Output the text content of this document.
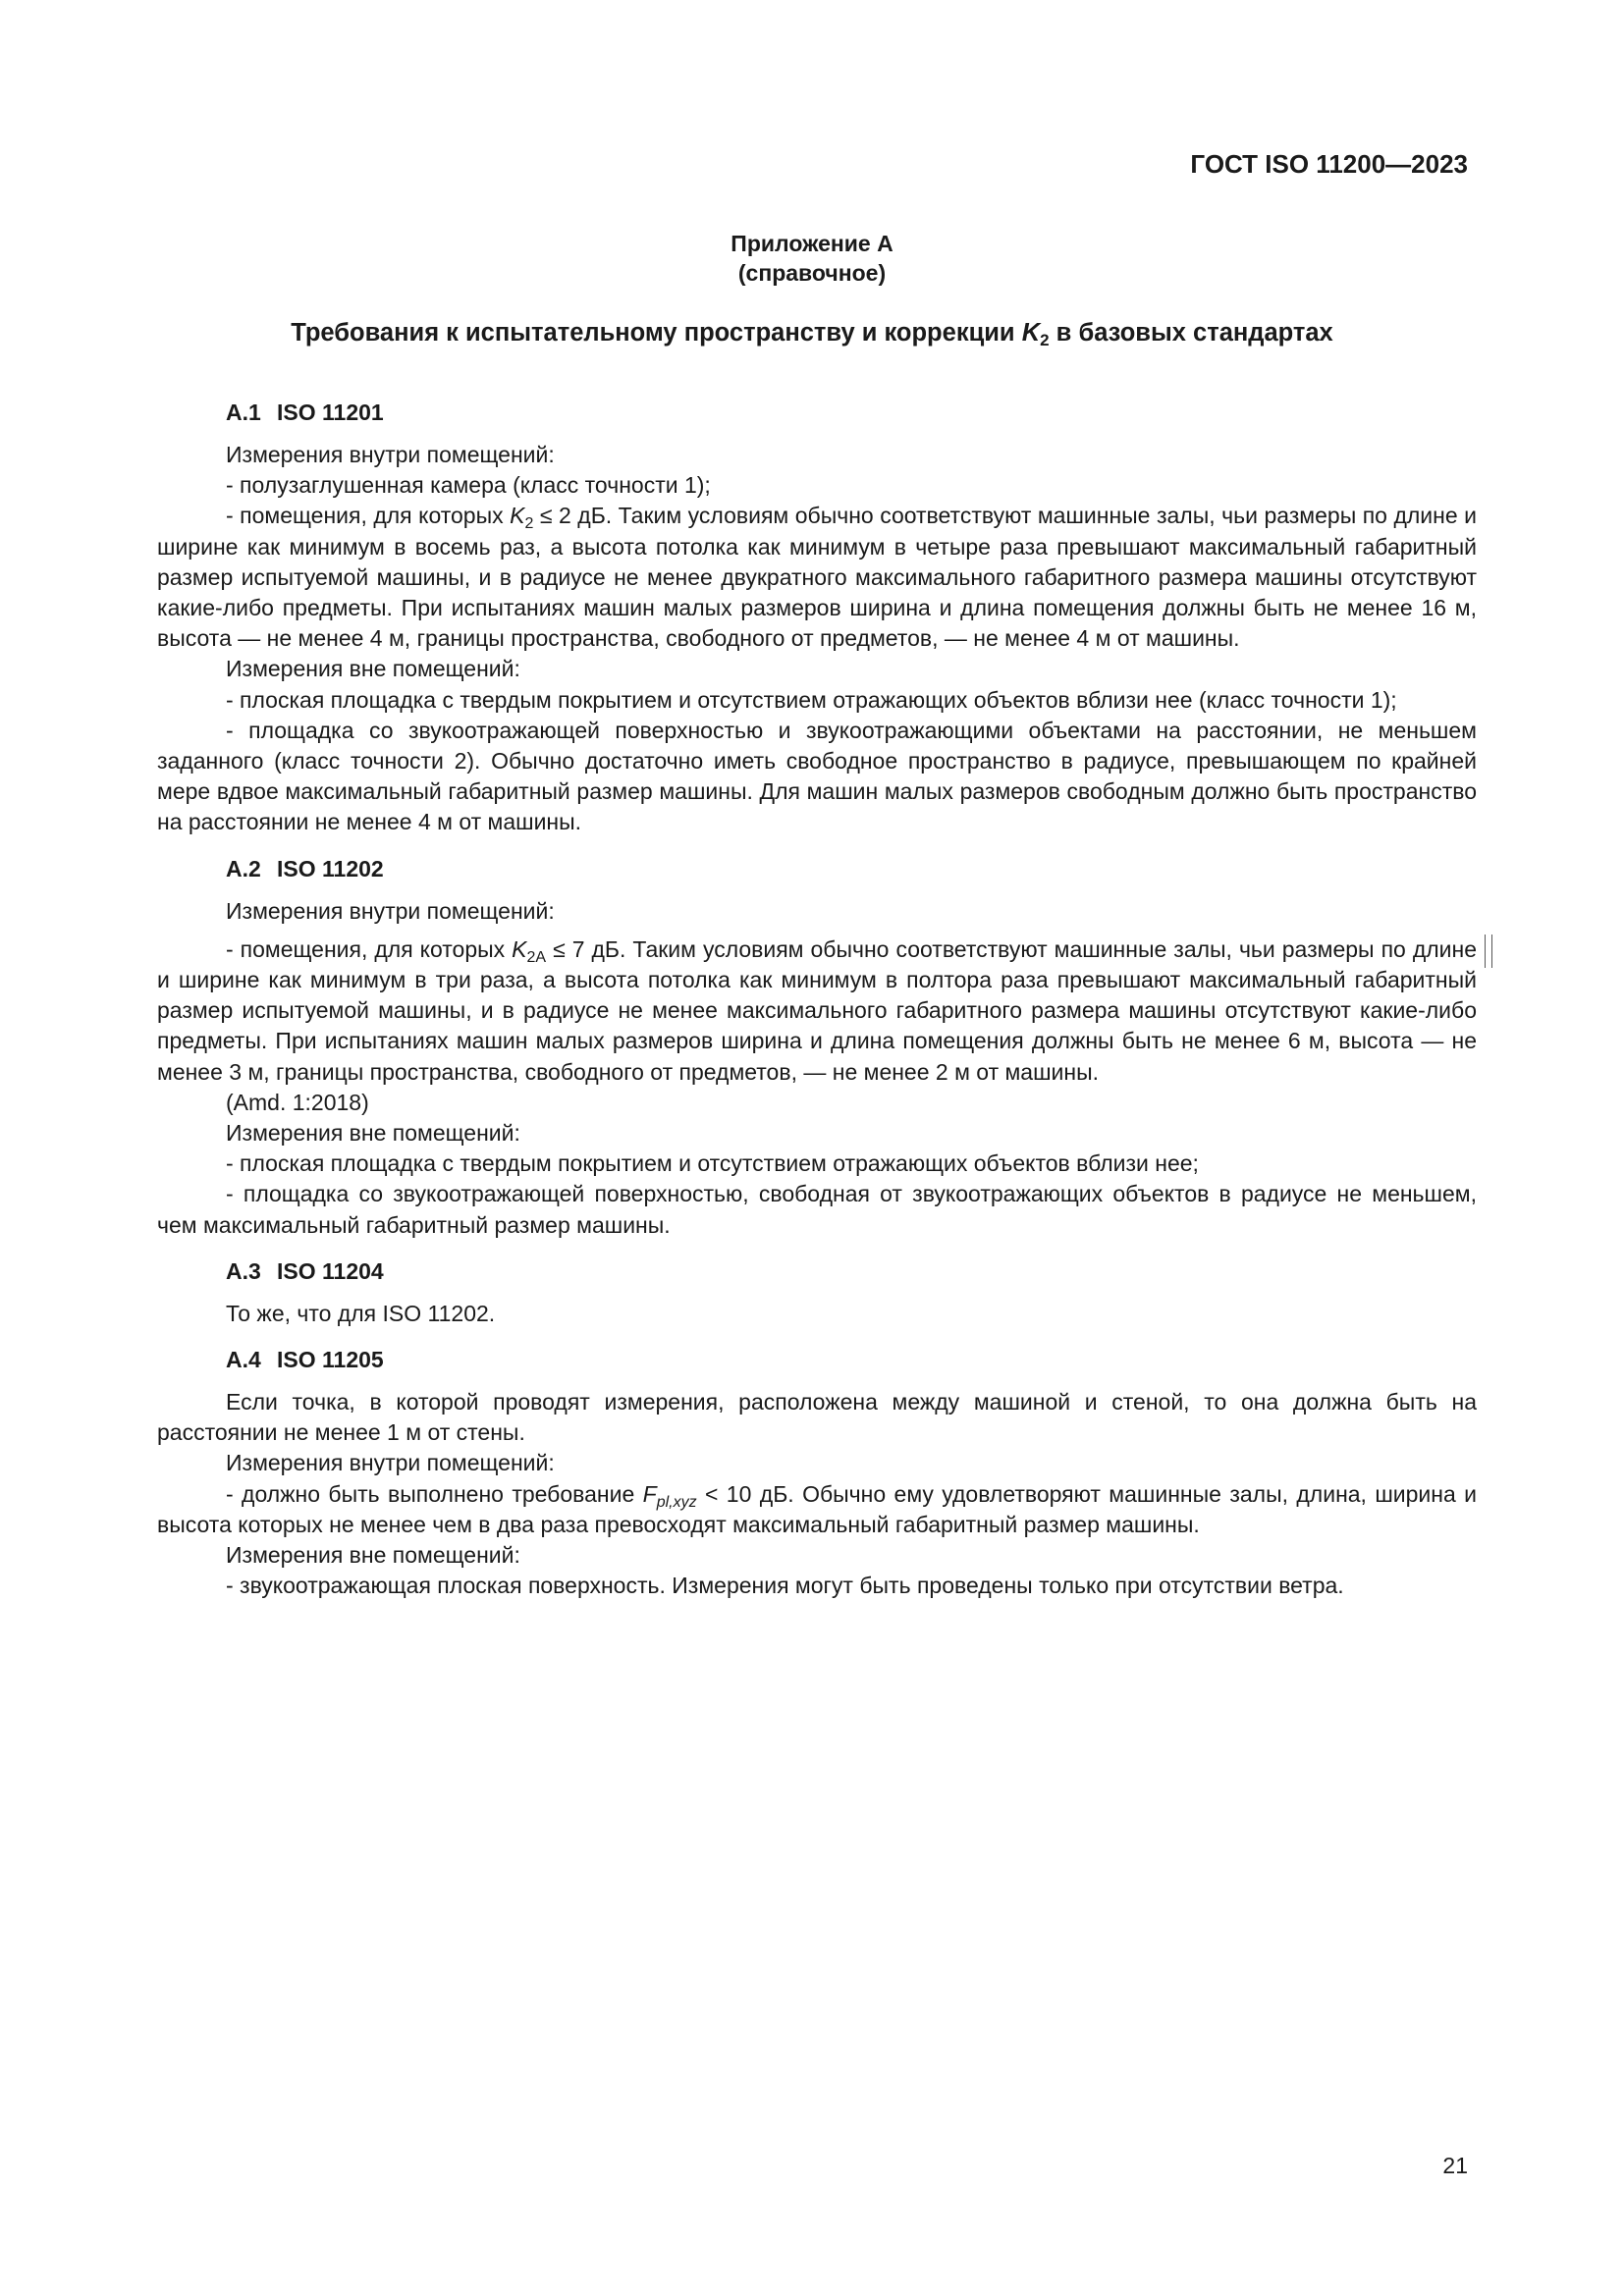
ГОСТ ISO 11200—2023
Приложение А
(справочное)
Требования к испытательному пространству и коррекции $K_2$ в базовых стандартах
А.1 ISO 11201
Измерения внутри помещений:
- полузаглушенная камера (класс точности 1);
- помещения, для которых $K_2 \le 2$ дБ. Таким условиям обычно соответствуют машинные залы, чьи размеры по длине и ширине как минимум в восемь раз, а высота потолка как минимум в четыре раза превышают максимальный габаритный размер испытуемой машины, и в радиусе не менее двукратного максимального габаритного размера машины отсутствуют какие-либо предметы. При испытаниях машин малых размеров ширина и длина помещения должны быть не менее 16 м, высота — не менее 4 м, границы пространства, свободного от предметов, — не менее 4 м от машины.
Измерения вне помещений:
- плоская площадка с твердым покрытием и отсутствием отражающих объектов вблизи нее (класс точности 1);
- площадка со звукоотражающей поверхностью и звукоотражающими объектами на расстоянии, не меньшем заданного (класс точности 2). Обычно достаточно иметь свободное пространство в радиусе, превышающем по крайней мере вдвое максимальный габаритный размер машины. Для машин малых размеров свободным должно быть пространство на расстоянии не менее 4 м от машины.
А.2 ISO 11202
Измерения внутри помещений:
- помещения, для которых $K_{2A} \le 7$ дБ. Таким условиям обычно соответствуют машинные залы, чьи размеры по длине и ширине как минимум в три раза, а высота потолка как минимум в полтора раза превышают максимальный габаритный размер испытуемой машины, и в радиусе не менее максимального габаритного размера машины отсутствуют какие-либо предметы. При испытаниях машин малых размеров ширина и длина помещения должны быть не менее 6 м, высота — не менее 3 м, границы пространства, свободного от предметов, — не менее 2 м от машины.
(Amd. 1:2018)
Измерения вне помещений:
- плоская площадка с твердым покрытием и отсутствием отражающих объектов вблизи нее;
- площадка со звукоотражающей поверхностью, свободная от звукоотражающих объектов в радиусе не меньшем, чем максимальный габаритный размер машины.
А.3 ISO 11204
То же, что для ISO 11202.
А.4 ISO 11205
Если точка, в которой проводят измерения, расположена между машиной и стеной, то она должна быть на расстоянии не менее 1 м от стены.
Измерения внутри помещений:
- должно быть выполнено требование $F_{pl,xyz} < 10$ дБ. Обычно ему удовлетворяют машинные залы, длина, ширина и высота которых не менее чем в два раза превосходят максимальный габаритный размер машины.
Измерения вне помещений:
- звукоотражающая плоская поверхность. Измерения могут быть проведены только при отсутствии ветра.
21
